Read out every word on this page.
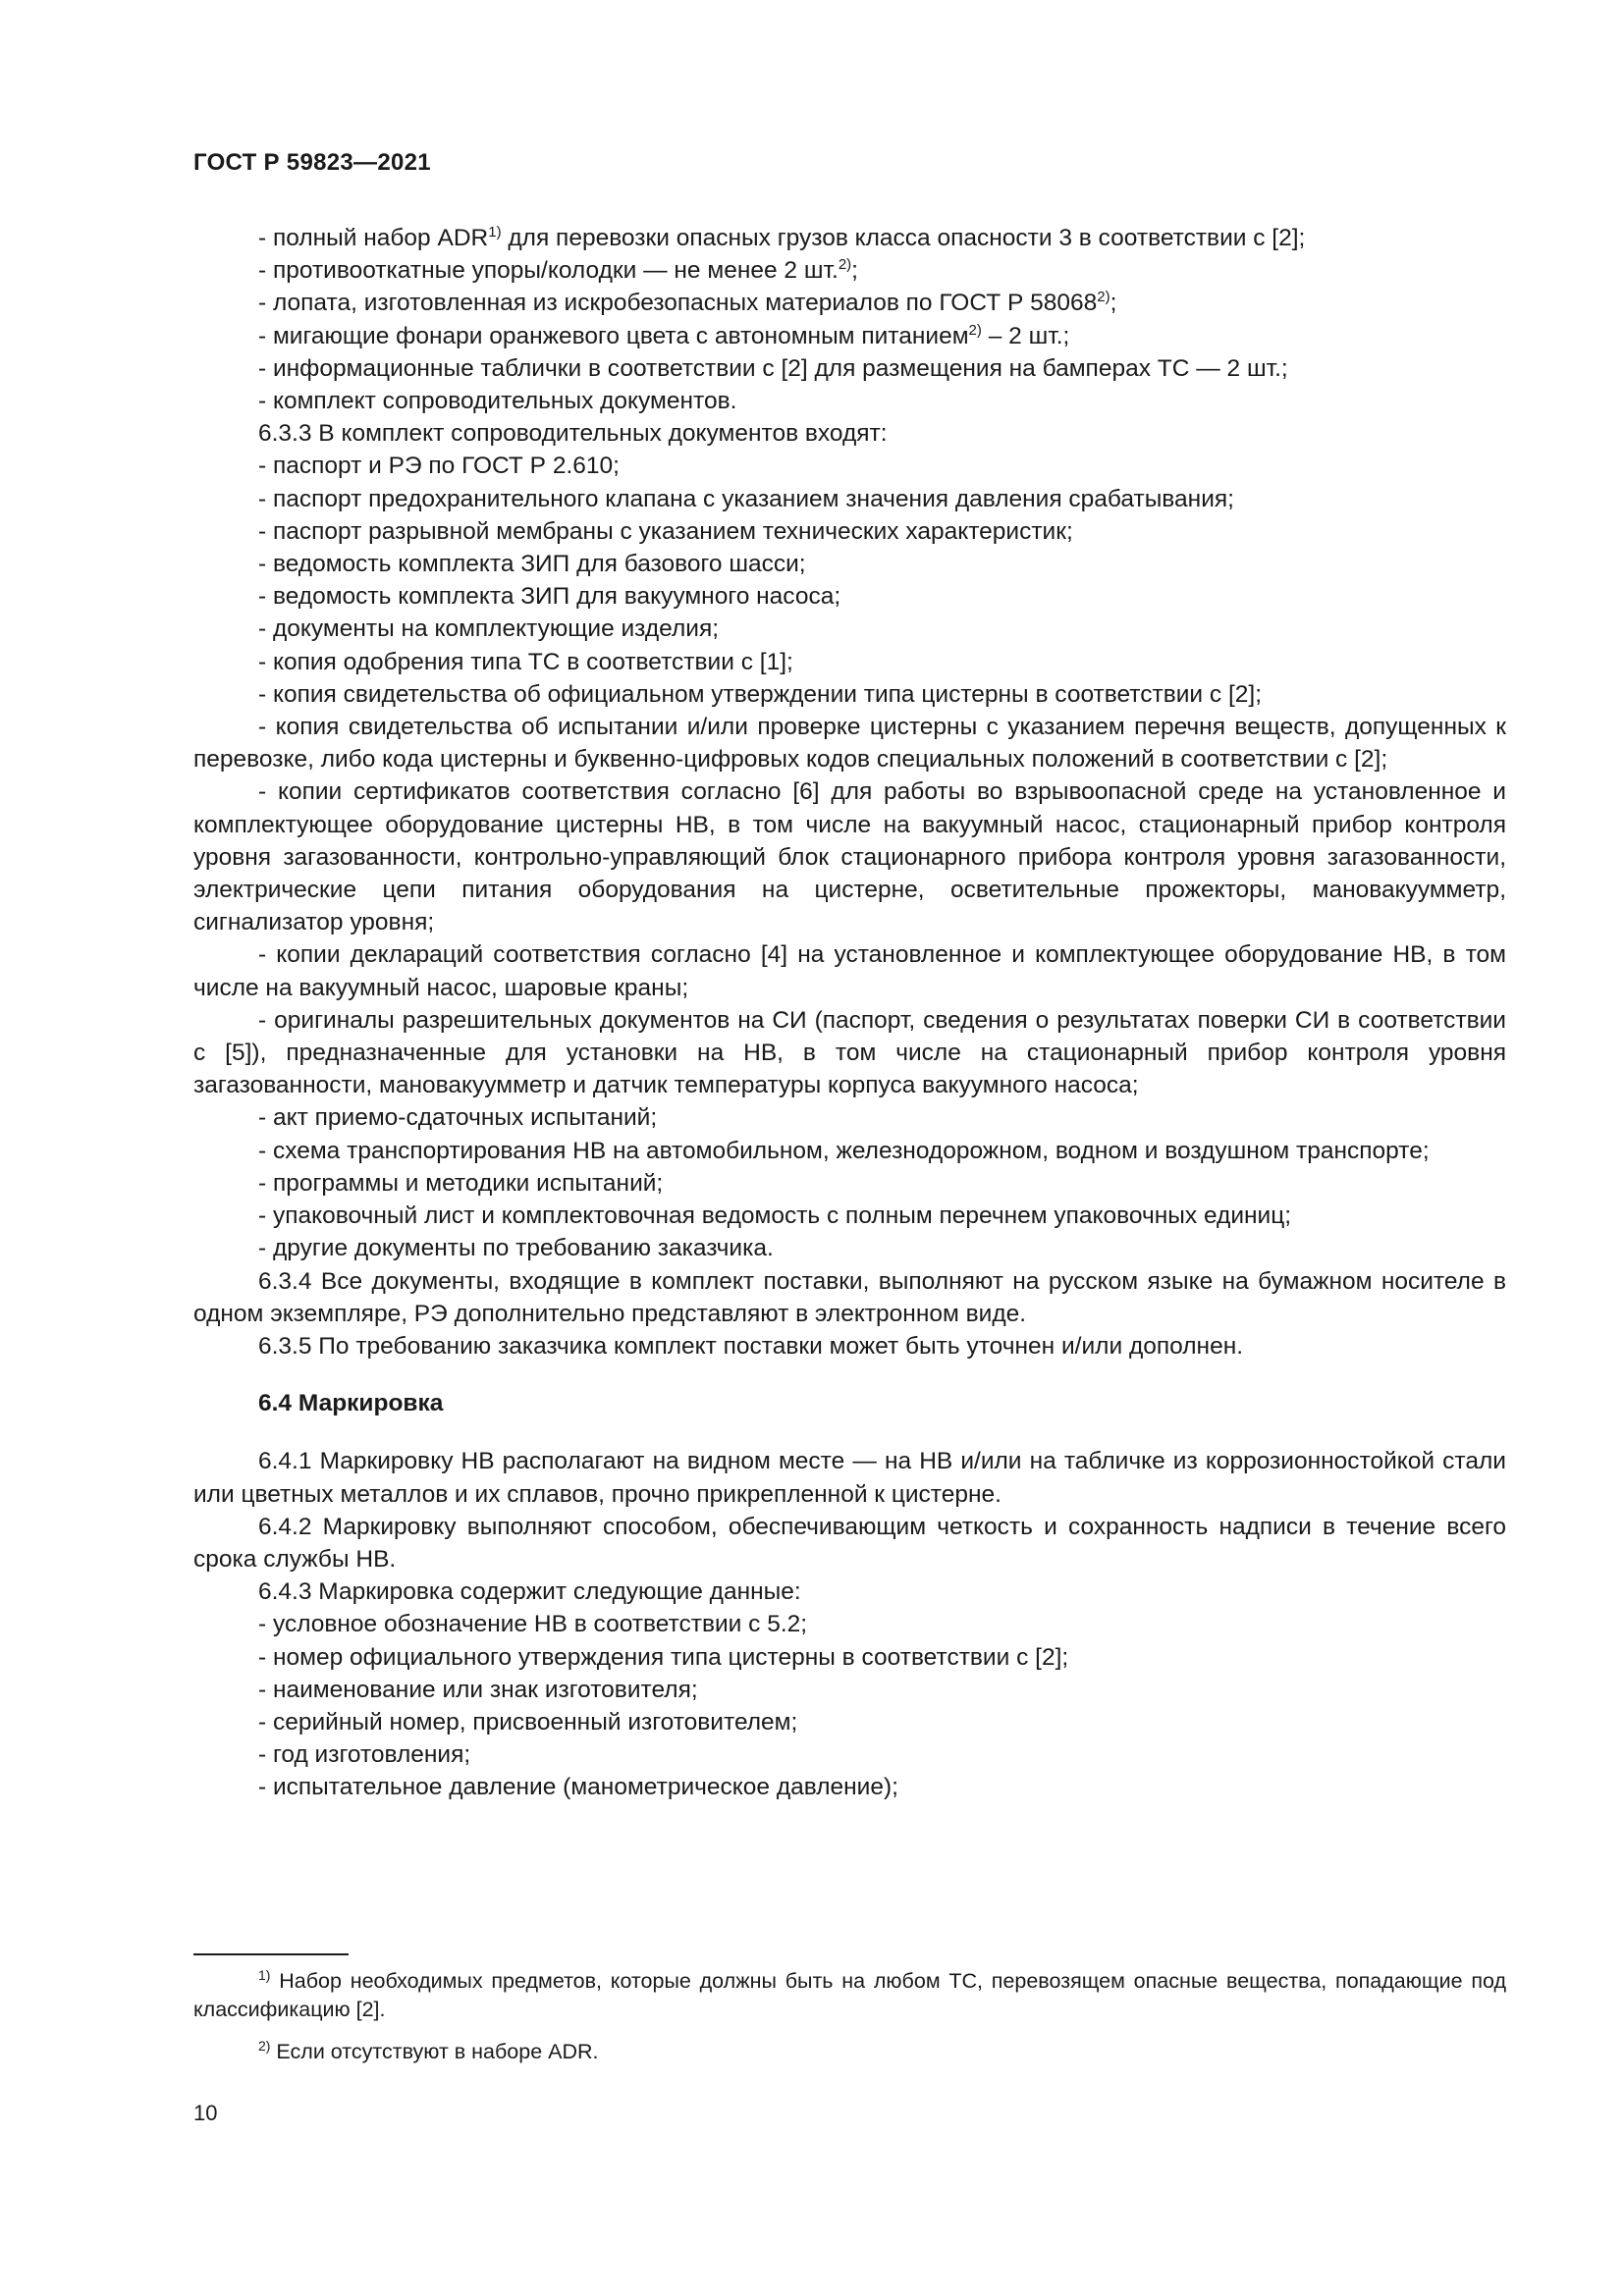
ГОСТ Р 59823—2021

- полный набор ADR$^{1)}$ для перевозки опасных грузов класса опасности 3 в соответствии с [2];

- противооткатные упоры/колодки — не менее 2 шт.$^{2)}$;

- лопата, изготовленная из искробезопасных материалов по ГОСТ Р 58068$^{2)}$;

- мигающие фонари оранжевого цвета с автономным питанием$^{2)}$ – 2 шт.;

- информационные таблички в соответствии с [2] для размещения на бамперах ТС — 2 шт.;

- комплект сопроводительных документов.

6.3.3 В комплект сопроводительных документов входят:

- паспорт и РЭ по ГОСТ Р 2.610;

- паспорт предохранительного клапана с указанием значения давления срабатывания;

- паспорт разрывной мембраны с указанием технических характеристик;

- ведомость комплекта ЗИП для базового шасси;

- ведомость комплекта ЗИП для вакуумного насоса;

- документы на комплектующие изделия;

- копия одобрения типа ТС в соответствии с [1];

- копия свидетельства об официальном утверждении типа цистерны в соответствии с [2];

- копия свидетельства об испытании и/или проверке цистерны с указанием перечня веществ, допущенных к перевозке, либо кода цистерны и буквенно-цифровых кодов специальных положений в соответствии с [2];

- копии сертификатов соответствия согласно [6] для работы во взрывоопасной среде на установленное и комплектующее оборудование цистерны НВ, в том числе на вакуумный насос, стационарный прибор контроля уровня загазованности, контрольно-управляющий блок стационарного прибора контроля уровня загазованности, электрические цепи питания оборудования на цистерне, осветительные прожекторы, мановакуумметр, сигнализатор уровня;

- копии деклараций соответствия согласно [4] на установленное и комплектующее оборудование НВ, в том числе на вакуумный насос, шаровые краны;

- оригиналы разрешительных документов на СИ (паспорт, сведения о результатах поверки СИ в соответствии с [5]), предназначенные для установки на НВ, в том числе на стационарный прибор контроля уровня загазованности, мановакуумметр и датчик температуры корпуса вакуумного насоса;

- акт приемо-сдаточных испытаний;

- схема транспортирования НВ на автомобильном, железнодорожном, водном и воздушном транспорте;

- программы и методики испытаний;

- упаковочный лист и комплектовочная ведомость с полным перечнем упаковочных единиц;

- другие документы по требованию заказчика.

6.3.4 Все документы, входящие в комплект поставки, выполняют на русском языке на бумажном носителе в одном экземпляре, РЭ дополнительно представляют в электронном виде.

6.3.5 По требованию заказчика комплект поставки может быть уточнен и/или дополнен.

6.4 Маркировка

6.4.1 Маркировку НВ располагают на видном месте — на НВ и/или на табличке из коррозионностойкой стали или цветных металлов и их сплавов, прочно прикрепленной к цистерне.

6.4.2 Маркировку выполняют способом, обеспечивающим четкость и сохранность надписи в течение всего срока службы НВ.

6.4.3 Маркировка содержит следующие данные:

- условное обозначение НВ в соответствии с 5.2;

- номер официального утверждения типа цистерны в соответствии с [2];

- наименование или знак изготовителя;

- серийный номер, присвоенный изготовителем;

- год изготовления;

- испытательное давление (манометрическое давление);

$^{1)}$ Набор необходимых предметов, которые должны быть на любом ТС, перевозящем опасные вещества, попадающие под классификацию [2].

$^{2)}$ Если отсутствуют в наборе ADR.

10
